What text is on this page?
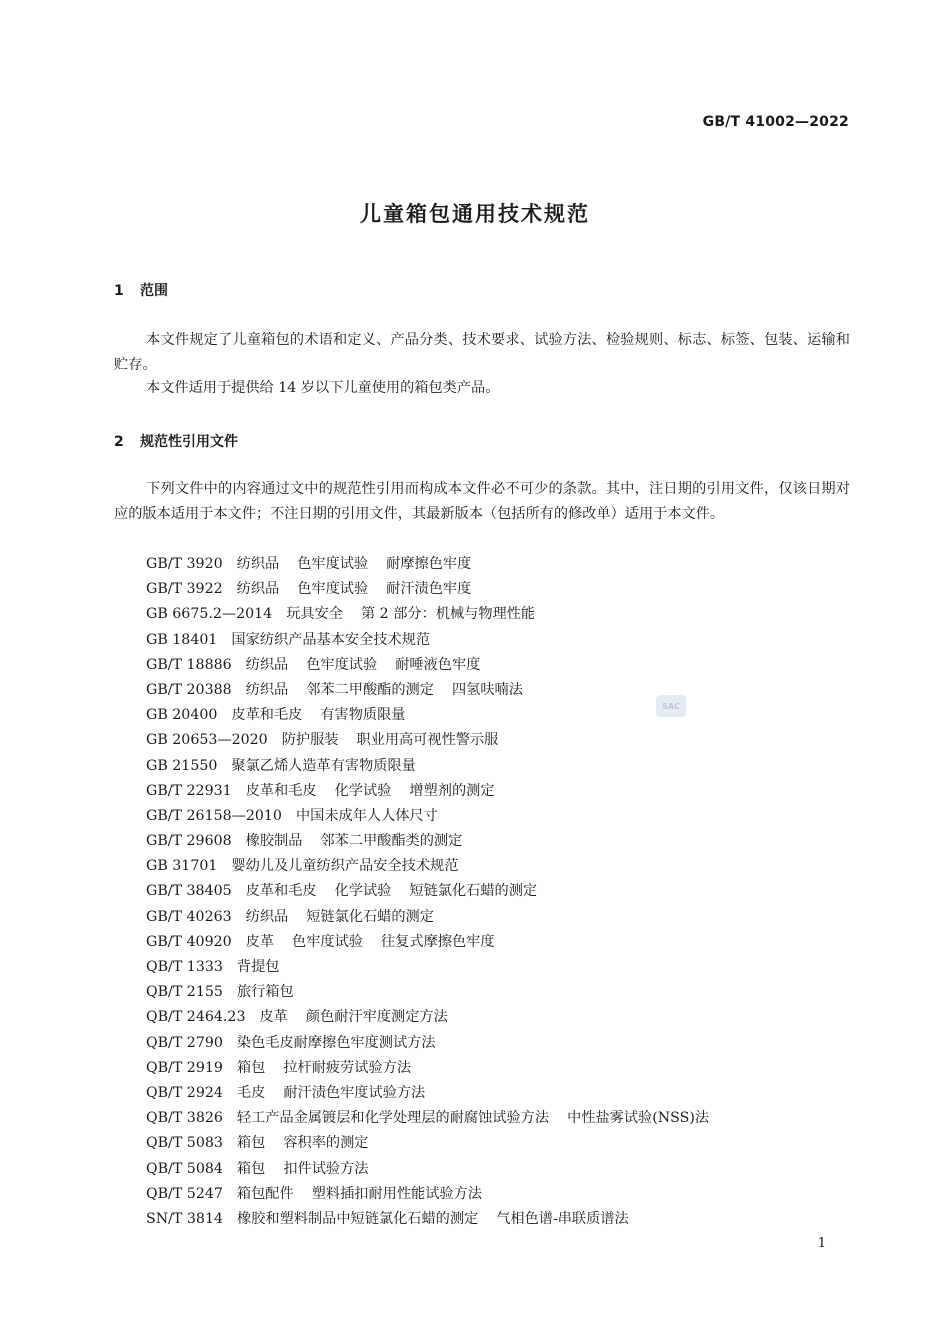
GB/T 41002—2022
儿童箱包通用技术规范
1 范围
本文件规定了儿童箱包的术语和定义、产品分类、技术要求、试验方法、检验规则、标志、标签、包装、运输和贮存。
本文件适用于提供给 14 岁以下儿童使用的箱包类产品。
2 规范性引用文件
下列文件中的内容通过文中的规范性引用而构成本文件必不可少的条款。其中，注日期的引用文件，仅该日期对应的版本适用于本文件；不注日期的引用文件，其最新版本（包括所有的修改单）适用于本文件。
GB/T 3920 纺织品 色牢度试验 耐摩擦色牢度
GB/T 3922 纺织品 色牢度试验 耐汗渍色牢度
GB 6675.2—2014 玩具安全 第 2 部分：机械与物理性能
GB 18401 国家纺织产品基本安全技术规范
GB/T 18886 纺织品 色牢度试验 耐唾液色牢度
GB/T 20388 纺织品 邻苯二甲酸酯的测定 四氢呋喃法
GB 20400 皮革和毛皮 有害物质限量
GB 20653—2020 防护服装 职业用高可视性警示服
GB 21550 聚氯乙烯人造革有害物质限量
GB/T 22931 皮革和毛皮 化学试验 增塑剂的测定
GB/T 26158—2010 中国未成年人人体尺寸
GB/T 29608 橡胶制品 邻苯二甲酸酯类的测定
GB 31701 婴幼儿及儿童纺织产品安全技术规范
GB/T 38405 皮革和毛皮 化学试验 短链氯化石蜡的测定
GB/T 40263 纺织品 短链氯化石蜡的测定
GB/T 40920 皮革 色牢度试验 往复式摩擦色牢度
QB/T 1333 背提包
QB/T 2155 旅行箱包
QB/T 2464.23 皮革 颜色耐汗牢度测定方法
QB/T 2790 染色毛皮耐摩擦色牢度测试方法
QB/T 2919 箱包 拉杆耐疲劳试验方法
QB/T 2924 毛皮 耐汗渍色牢度试验方法
QB/T 3826 轻工产品金属镀层和化学处理层的耐腐蚀试验方法 中性盐雾试验(NSS)法
QB/T 5083 箱包 容积率的测定
QB/T 5084 箱包 扣件试验方法
QB/T 5247 箱包配件 塑料插扣耐用性能试验方法
SN/T 3814 橡胶和塑料制品中短链氯化石蜡的测定 气相色谱-串联质谱法
SAC
1
